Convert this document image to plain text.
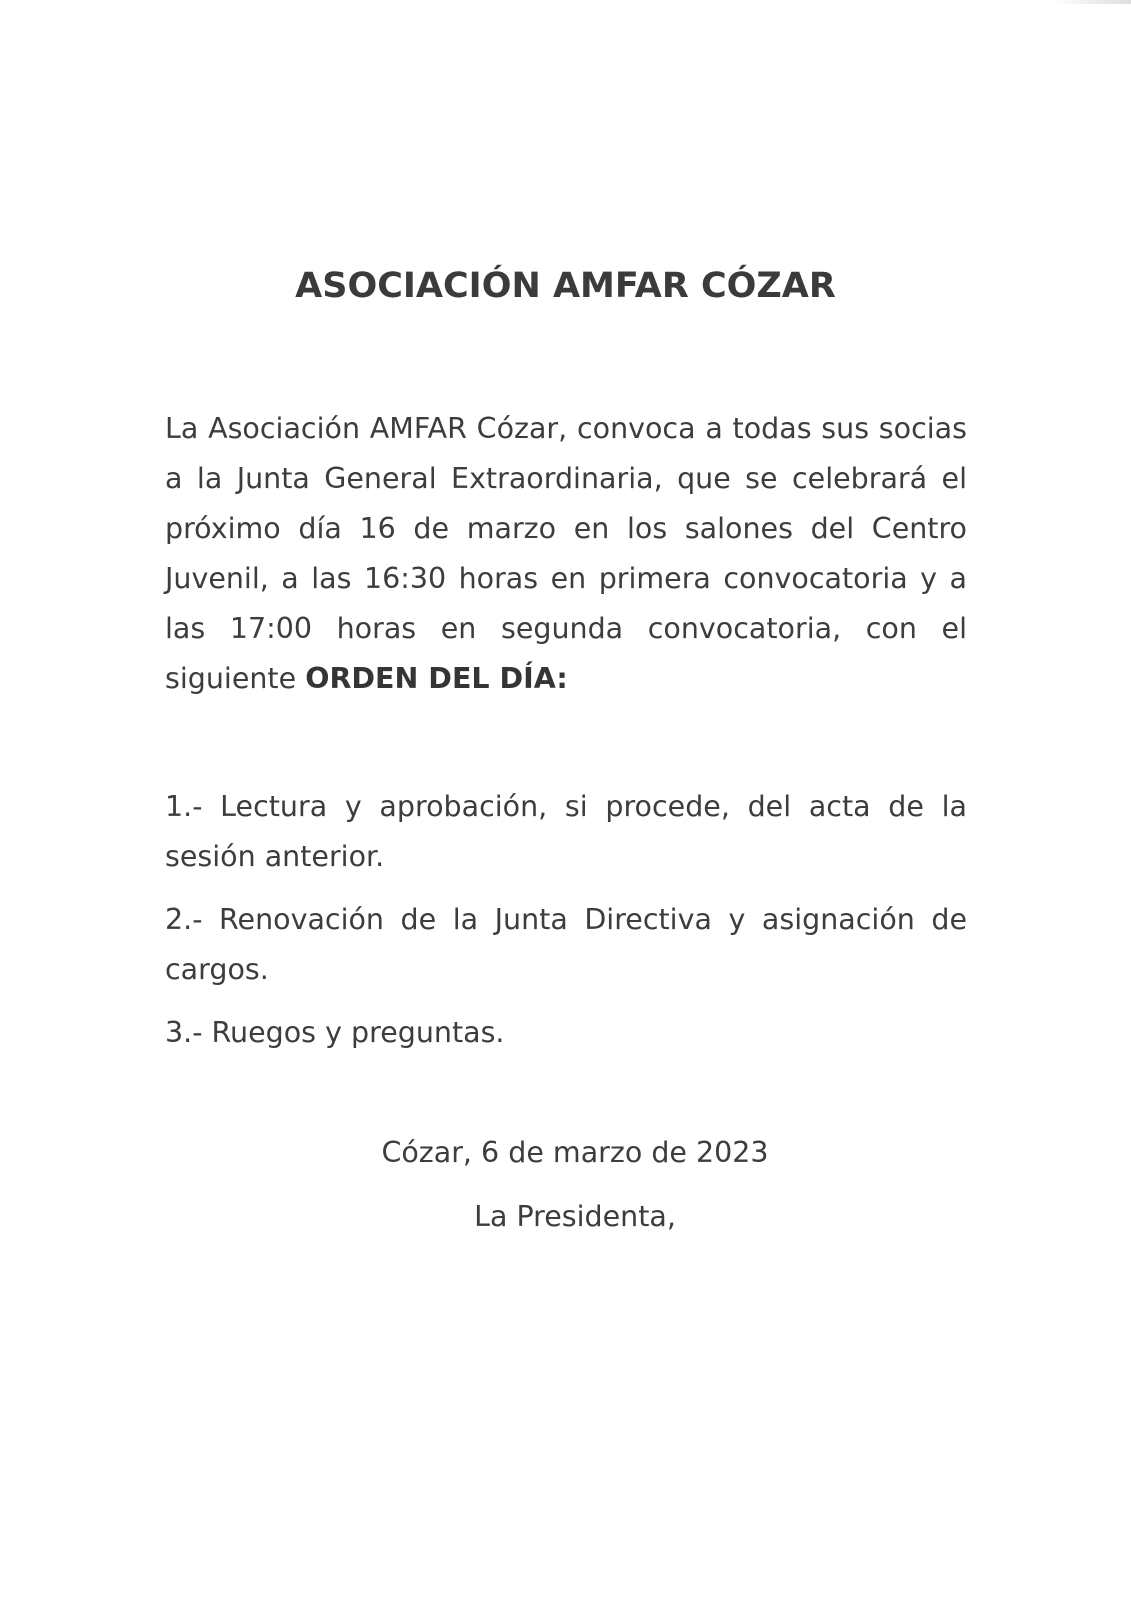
ASOCIACIÓN AMFAR CÓZAR

La Asociación AMFAR Cózar, convoca a todas sus socias a la Junta General Extraordinaria, que se celebrará el próximo día 16 de marzo en los salones del Centro Juvenil, a las 16:30 horas en primera convocatoria y a las 17:00 horas en segunda convocatoria, con el siguiente ORDEN DEL DÍA:

1.- Lectura y aprobación, si procede, del acta de la sesión anterior.

2.- Renovación de la Junta Directiva y asignación de cargos.

3.- Ruegos y preguntas.

Cózar, 6 de marzo de 2023

La Presidenta,
